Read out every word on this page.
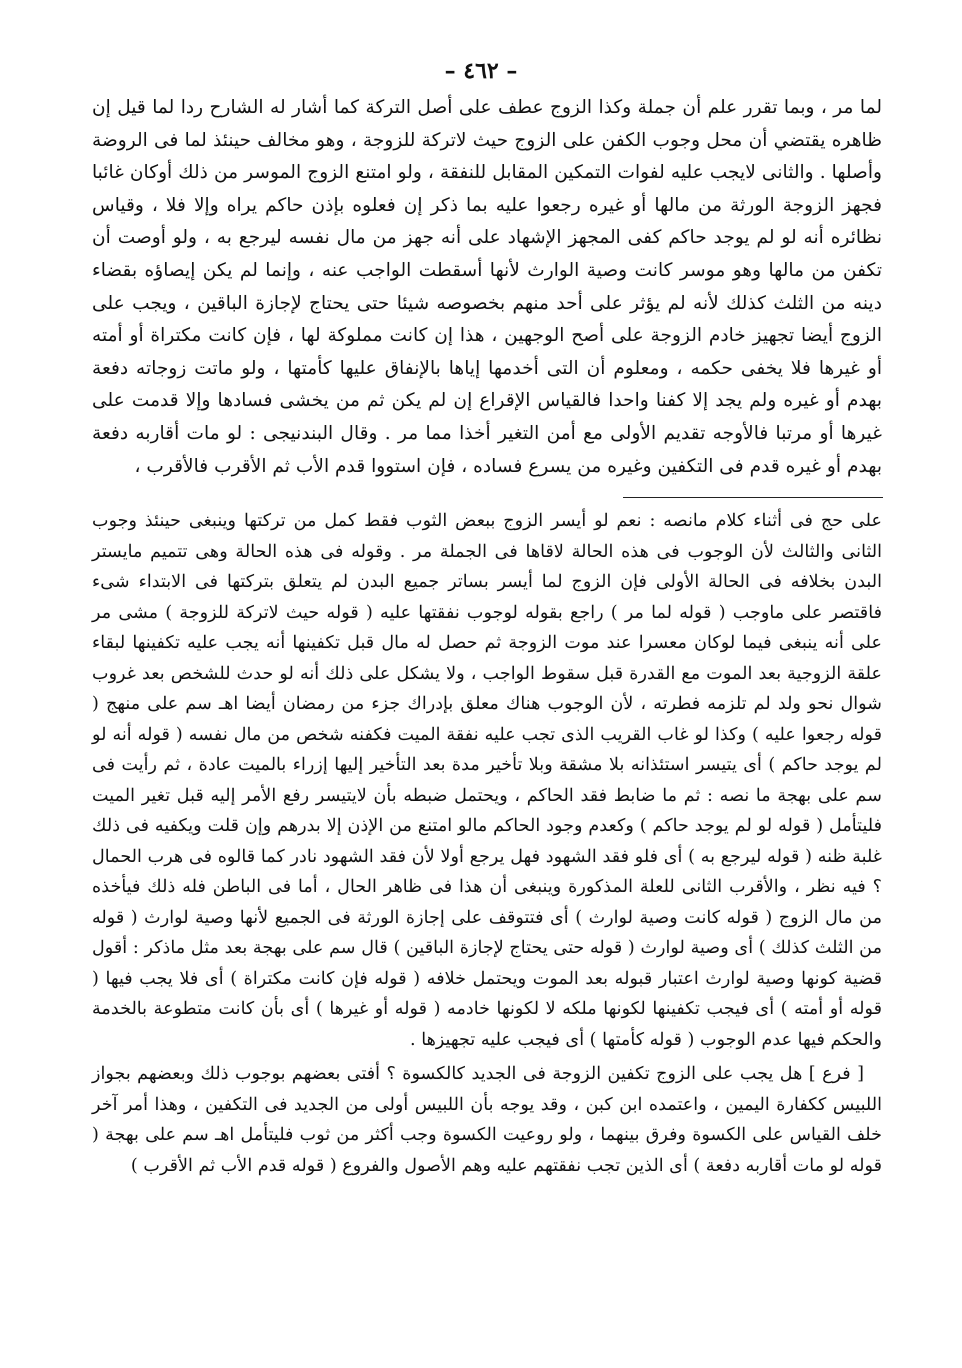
– ٤٦٢ –

لما مر ، وبما تقرر علم أن جملة وكذا الزوج عطف على أصل التركة كما أشار له الشارح ردا لما قيل إن ظاهره يقتضي أن محل وجوب الكفن على الزوج حيث لاتركة للزوجة ، وهو مخالف حينئذ لما فى الروضة وأصلها . والثانى لايجب عليه لفوات التمكين المقابل للنفقة ، ولو امتنع الزوج الموسر من ذلك أوكان غائبا فجهز الزوجة الورثة من مالها أو غيره رجعوا عليه بما ذكر إن فعلوه بإذن حاكم يراه وإلا فلا ، وقياس نظائره أنه لو لم يوجد حاكم كفى المجهز الإشهاد على أنه جهز من مال نفسه ليرجع به ، ولو أوصت أن تكفن من مالها وهو موسر كانت وصية الوارث لأنها أسقطت الواجب عنه ، وإنما لم يكن إيصاؤه بقضاء دينه من الثلث كذلك لأنه لم يؤثر على أحد منهم بخصوصه شيئا حتى يحتاج لإجازة الباقين ، ويجب على الزوج أيضا تجهيز خادم الزوجة على أصح الوجهين ، هذا إن كانت مملوكة لها ، فإن كانت مكتراة أو أمته أو غيرها فلا يخفى حكمه ، ومعلوم أن التى أخدمها إياها بالإنفاق عليها كأمتها ، ولو ماتت زوجاته دفعة بهدم أو غيره ولم يجد إلا كفنا واحدا فالقياس الإقراع إن لم يكن ثم من يخشى فسادها وإلا قدمت على غيرها أو مرتبا فالأوجه تقديم الأولى مع أمن التغير أخذا مما مر . وقال البندنيجى : لو مات أقاربه دفعة بهدم أو غيره قدم فى التكفين وغيره من يسرع فساده ، فإن استووا قدم الأب ثم الأقرب فالأقرب ،

على حج فى أثناء كلام مانصه : نعم لو أيسر الزوج ببعض الثوب فقط كمل من تركتها وينبغى حينئذ وجوب الثانى والثالث لأن الوجوب فى هذه الحالة لاقاها فى الجملة مر . وقوله فى هذه الحالة وهى تتميم مايستر البدن بخلافه فى الحالة الأولى فإن الزوج لما أيسر بساتر جميع البدن لم يتعلق بتركتها فى الابتداء شىء فاقتصر على ماوجب ( قوله لما مر ) راجع بقوله لوجوب نفقتها عليه ( قوله حيث لاتركة للزوجة ) مشى مر على أنه ينبغى فيما لوكان معسرا عند موت الزوجة ثم حصل له مال قبل تكفينها أنه يجب عليه تكفينها لبقاء علقة الزوجية بعد الموت مع القدرة قبل سقوط الواجب ، ولا يشكل على ذلك أنه لو حدث للشخص بعد غروب شوال نحو ولد لم تلزمه فطرته ، لأن الوجوب هناك معلق بإدراك جزء من رمضان أيضا اهـ سم على منهج ( قوله رجعوا عليه ) وكذا لو غاب القريب الذى تجب عليه نفقة الميت فكفنه شخص من مال نفسه ( قوله أنه لو لم يوجد حاكم ) أى يتيسر استئذانه بلا مشقة وبلا تأخير مدة بعد التأخير إليها إزراء بالميت عادة ، ثم رأيت فى سم على بهجة ما نصه : ثم ما ضابط فقد الحاكم ، ويحتمل ضبطه بأن لايتيسر رفع الأمر إليه قبل تغير الميت فليتأمل ( قوله لو لم يوجد حاكم ) وكعدم وجود الحاكم مالو امتنع من الإذن إلا بدرهم وإن قلت ويكفيه فى ذلك غلبة ظنه ( قوله ليرجع به ) أى فلو فقد الشهود فهل يرجع أولا لأن فقد الشهود نادر كما قالوه فى هرب الحمال ؟ فيه نظر ، والأقرب الثانى للعلة المذكورة وينبغى أن هذا فى ظاهر الحال ، أما فى الباطن فله ذلك فيأخذه من مال الزوج ( قوله كانت وصية لوارث ) أى فتتوقف على إجازة الورثة فى الجميع لأنها وصية لوارث ( قوله من الثلث كذلك ) أى وصية لوارث ( قوله حتى يحتاج لإجازة الباقين ) قال سم على بهجة بعد مثل ماذكر : أقول قضية كونها وصية لوارث اعتبار قبوله بعد الموت ويحتمل خلافه ( قوله فإن كانت مكتراة ) أى فلا يجب فيها ( قوله أو أمته ) أى فيجب تكفينها لكونها ملكه لا لكونها خادمه ( قوله أو غيرها ) أى بأن كانت متطوعة بالخدمة والحكم فيها عدم الوجوب ( قوله كأمتها ) أى فيجب عليه تجهيزها .

[ فرع ] هل يجب على الزوج تكفين الزوجة فى الجديد كالكسوة ؟ أفتى بعضهم بوجوب ذلك وبعضهم بجواز اللبيس ككفارة اليمين ، واعتمده ابن كبن ، وقد يوجه بأن اللبيس أولى من الجديد فى التكفين ، وهذا أمر آخر خلف القياس على الكسوة وفرق بينهما ، ولو روعيت الكسوة وجب أكثر من ثوب فليتأمل اهـ سم على بهجة ( قوله لو مات أقاربه دفعة ) أى الذين تجب نفقتهم عليه وهم الأصول والفروع ( قوله قدم الأب ثم الأقرب )
